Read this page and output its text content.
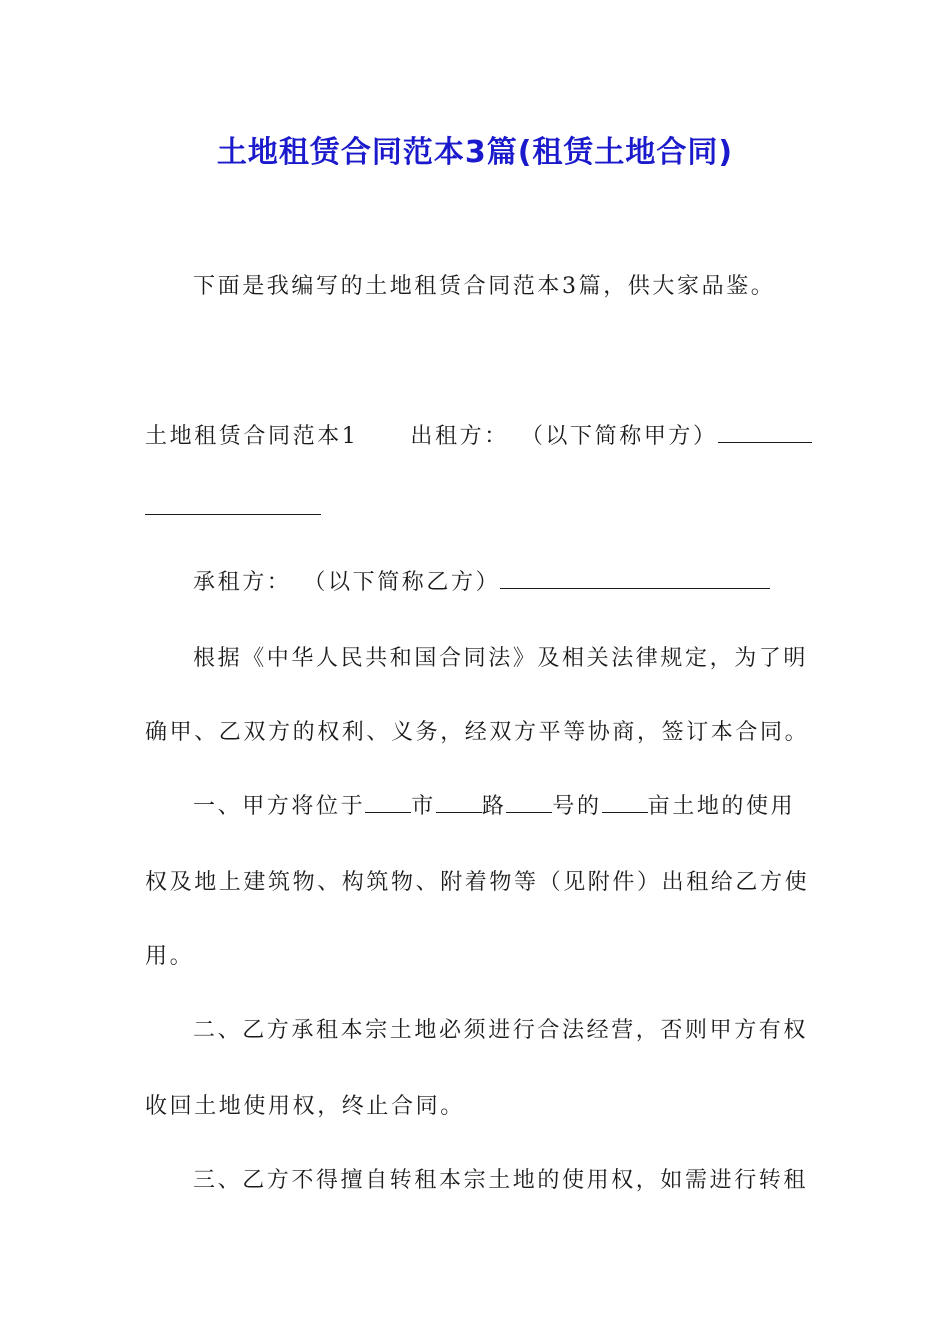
土地租赁合同范本3篇(租赁土地合同)

下面是我编写的土地租赁合同范本3篇，供大家品鉴。

土地租赁合同范本1 出租方： （以下简称甲方）

承租方： （以下简称乙方）

根据《中华人民共和国合同法》及相关法律规定，为了明

确甲、乙双方的权利、义务，经双方平等协商，签订本合同。

一、甲方将位于 市 路 号的 亩土地的使用

权及地上建筑物、构筑物、附着物等（见附件）出租给乙方使

用。

二、乙方承租本宗土地必须进行合法经营，否则甲方有权

收回土地使用权，终止合同。

三、乙方不得擅自转租本宗土地的使用权，如需进行转租
